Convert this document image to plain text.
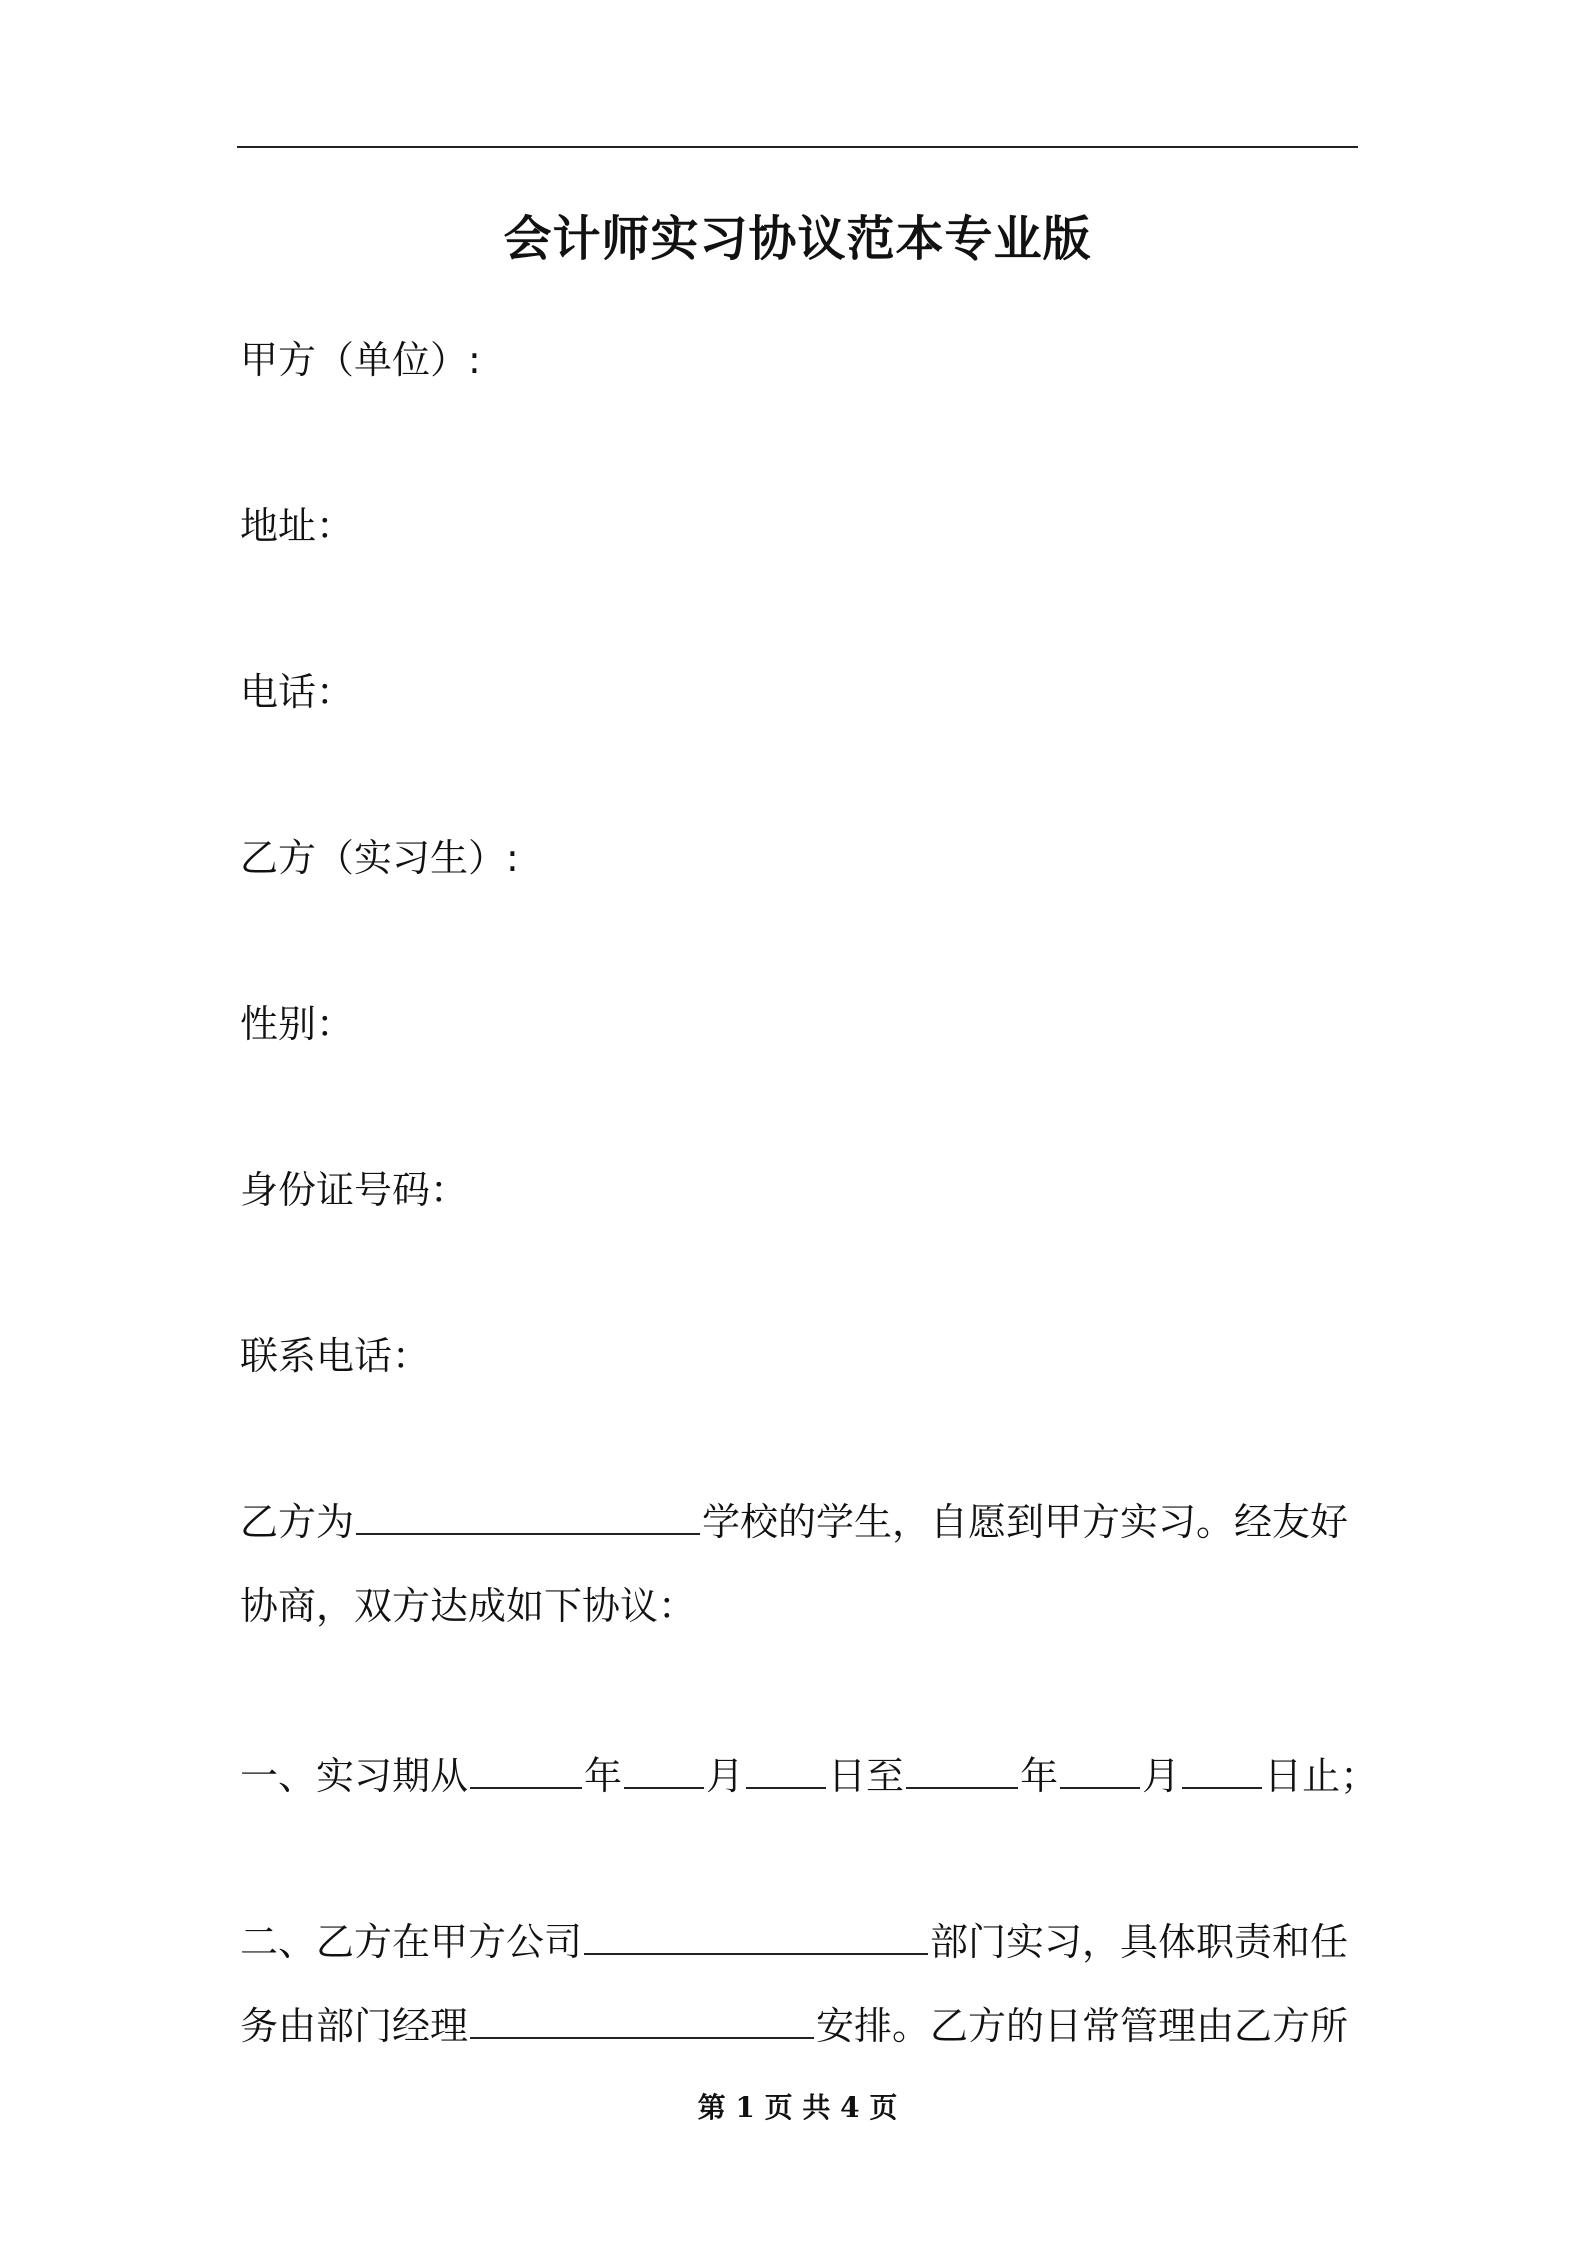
会计师实习协议范本专业版
甲方（单位）:
地址：
电话：
乙方（实习生）:
性别：
身份证号码：
联系电话：
乙方为	学校的学生，自愿到甲方实习。经友好
协商，双方达成如下协议：
一、实习期从	年 月 日至	年 月 日止；
二、乙方在甲方公司	部门实习，具体职责和任
务由部门经理	安排。乙方的日常管理由乙方所
第 1 页 共 4 页
